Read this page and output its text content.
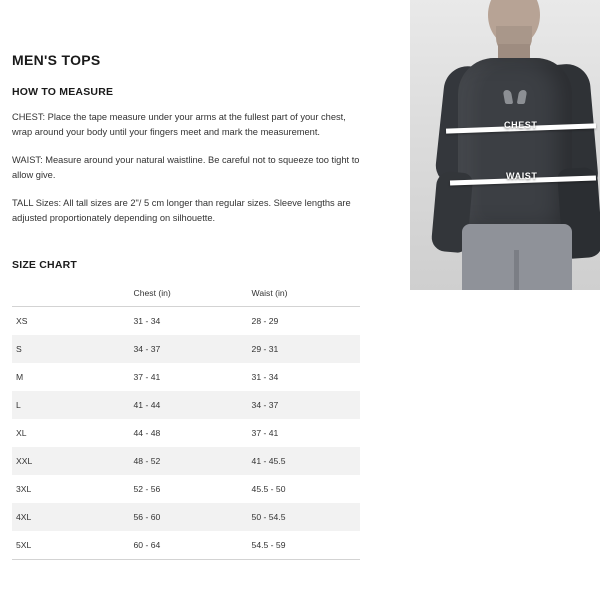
CHEST
WAIST
MEN'S TOPS
HOW TO MEASURE

CHEST: Place the tape measure under your arms at the fullest part of your chest, wrap around your body until your fingers meet and mark the measurement.

WAIST: Measure around your natural waistline. Be careful not to squeeze too tight to allow give.

TALL Sizes: All tall sizes are 2"/ 5 cm longer than regular sizes. Sleeve lengths are adjusted proportionately depending on silhouette.

SIZE CHART
	Chest (in)	Waist (in)
XS	31 - 34	28 - 29
S	34 - 37	29 - 31
M	37 - 41	31 - 34
L	41 - 44	34 - 37
XL	44 - 48	37 - 41
XXL	48 - 52	41 - 45.5
3XL	52 - 56	45.5 - 50
4XL	56 - 60	50 - 54.5
5XL	60 - 64	54.5 - 59
